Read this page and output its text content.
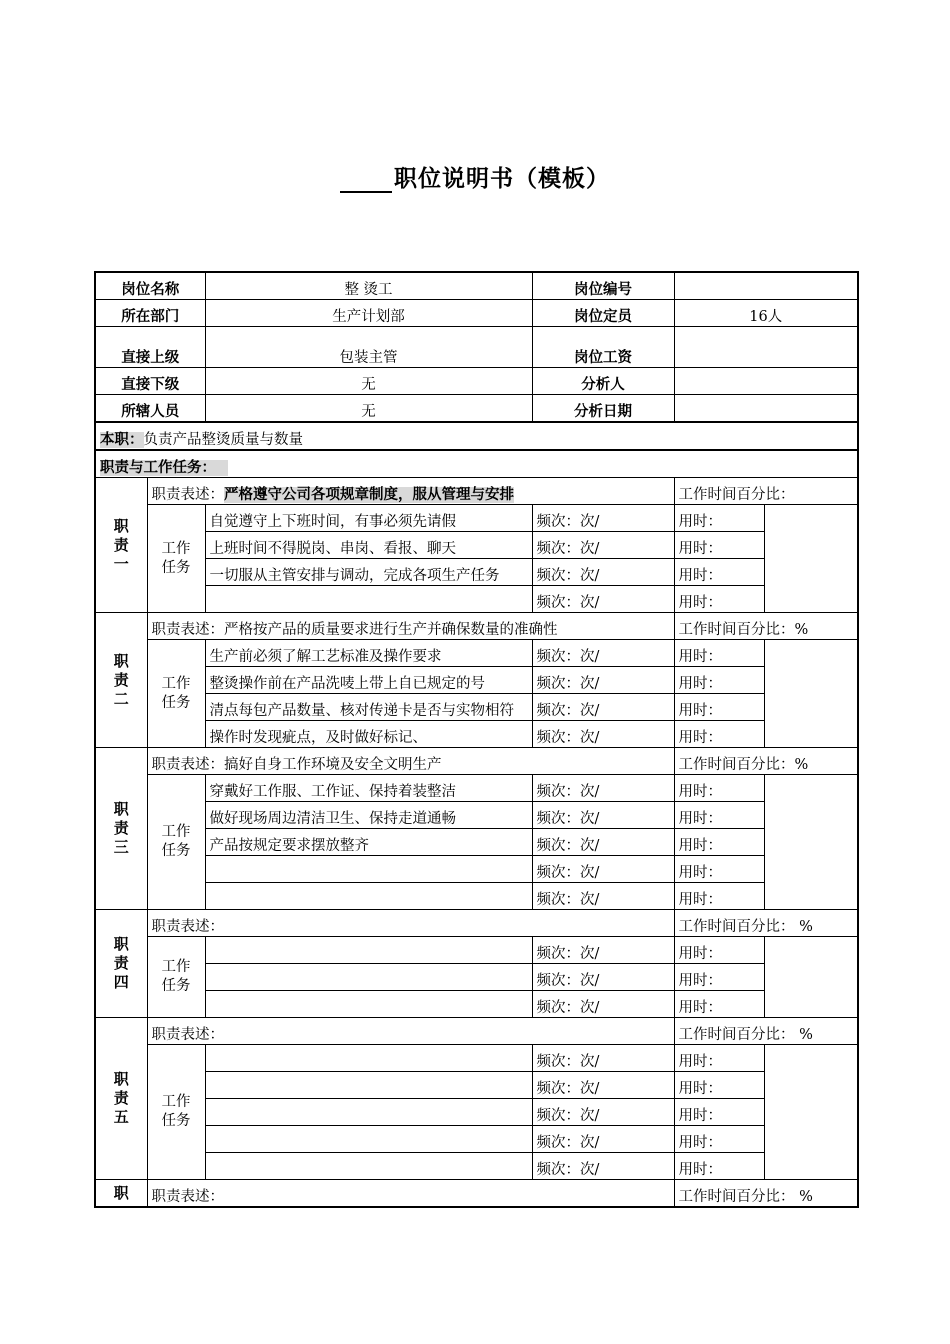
职位说明书（模板）
岗位名称		整 烫工	岗位编号	
所在部门		生产计划部	岗位定员	16人
直接上级		包装主管	岗位工资	
直接下级		无	分析人	
所辖人员		无	分析日期	
本职：负责产品整烫质量与数量				
职责与工作任务：				

职
责
一	职责表述：严格遵守公司各项规章制度，服从管理与安排			工作时间百分比：

	工作
任务	自觉遵守上下班时间，有事必须先请假	频次：次/	用时：
		上班时间不得脱岗、串岗、看报、聊天	频次：次/	用时：
		一切服从主管安排与调动，完成各项生产任务	频次：次/	用时：
			频次：次/	用时：

职
责
二	职责表述：严格按产品的质量要求进行生产并确保数量的准确性			工作时间百分比：%

	工作
任务	生产前必须了解工艺标准及操作要求	频次：次/	用时：
		整烫操作前在产品洗唛上带上自已规定的号	频次：次/	用时：
		清点每包产品数量、核对传递卡是否与实物相符	频次：次/	用时：
		操作时发现疵点，及时做好标记、	频次：次/	用时：

职
责
三	职责表述：搞好自身工作环境及安全文明生产			工作时间百分比：%

	工作
任务	穿戴好工作服、工作证、保持着装整洁	频次：次/	用时：
		做好现场周边清洁卫生、保持走道通畅	频次：次/	用时：
		产品按规定要求摆放整齐	频次：次/	用时：
			频次：次/	用时：
			频次：次/	用时：

职
责
四	职责表述：			工作时间百分比： %

	工作
任务		频次：次/	用时：
			频次：次/	用时：
			频次：次/	用时：

职
责
五	职责表述：			工作时间百分比： %

	工作
任务		频次：次/	用时：
			频次：次/	用时：
			频次：次/	用时：
			频次：次/	用时：
			频次：次/	用时：

职	职责表述：			工作时间百分比： %
